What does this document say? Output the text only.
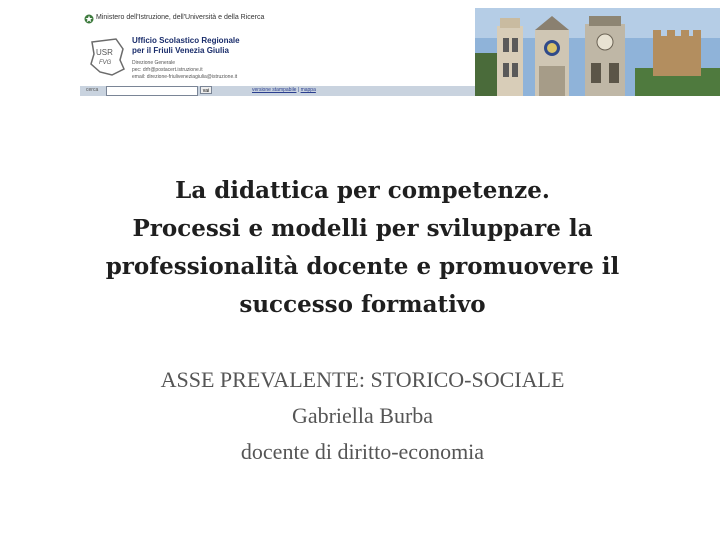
Ministero dell'Istruzione, dell'Università e della Ricerca
USR
FVG
Ufficio Scolastico Regionale
per il Friuli Venezia Giulia
Direzione Generale
pec: drfr@postacert.istruzione.it
email: direzione-friuliveneziagiulia@istruzione.it
cerca	vai	versione stampabile | mappa
La didattica per competenze.
Processi e modelli per sviluppare la
professionalità docente e promuovere il
successo formativo
ASSE PREVALENTE: STORICO-SOCIALE
Gabriella Burba
docente di diritto-economia
